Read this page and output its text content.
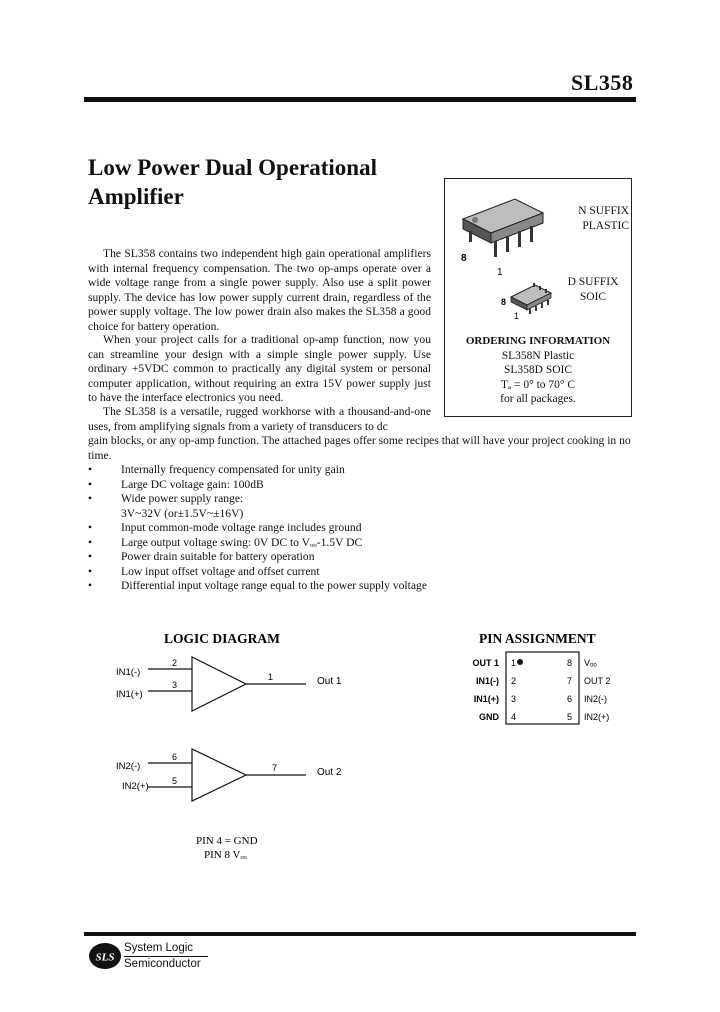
SL358
Low Power Dual Operational
Amplifier

The SL358 contains two independent high gain operational amplifiers with internal frequency compensation. The two op-amps operate over a wide voltage range from a single power supply. Also use a split power supply. The device has low power supply current drain, regardless of the power supply voltage. The low power drain also makes the SL358 a good choice for battery operation.

When your project calls for a traditional op-amp function, now you can streamline your design with a simple single power supply. Use ordinary +5VDC common to practically any digital system or personal computer application, without requiring an extra 15V power supply just to have the interface electronics you need.

The SL358 is a versatile, rugged workhorse with a thousand-and-one uses, from amplifying signals from a variety of transducers to dc

gain blocks, or any op-amp function. The attached pages offer some recipes that will have your project cooking in no time.
• Internally frequency compensated for unity gain
• Large DC voltage gain: 100dB
• Wide power supply range:
3V~32V (or±1.5V~±16V)
• Input common-mode voltage range includes ground
• Large output voltage swing: 0V DC to Vₒₒ-1.5V DC
• Power drain suitable for battery operation
• Low input offset voltage and offset current
• Differential input voltage range equal to the power supply voltage
8
1
8
1
N SUFFIX
PLASTIC
D SUFFIX
SOIC
ORDERING INFORMATION
SL358N Plastic
SL358D SOIC
Tₐ = 0° to 70° C
for all packages.
LOGIC DIAGRAM
IN1(-)
IN1(+)
2
3
1	Out 1
IN2(-)
IN2(+)
6
5
7	Out 2
PIN 4 = GND
PIN 8 Vₒₒ
PIN ASSIGNMENT
OUT 1
IN1(-)
IN1(+)
GND
1
2
3
4
8
7
6
5
Vₒₒ
OUT 2
IN2(-)
IN2(+)
SLS
System Logic
Semiconductor
